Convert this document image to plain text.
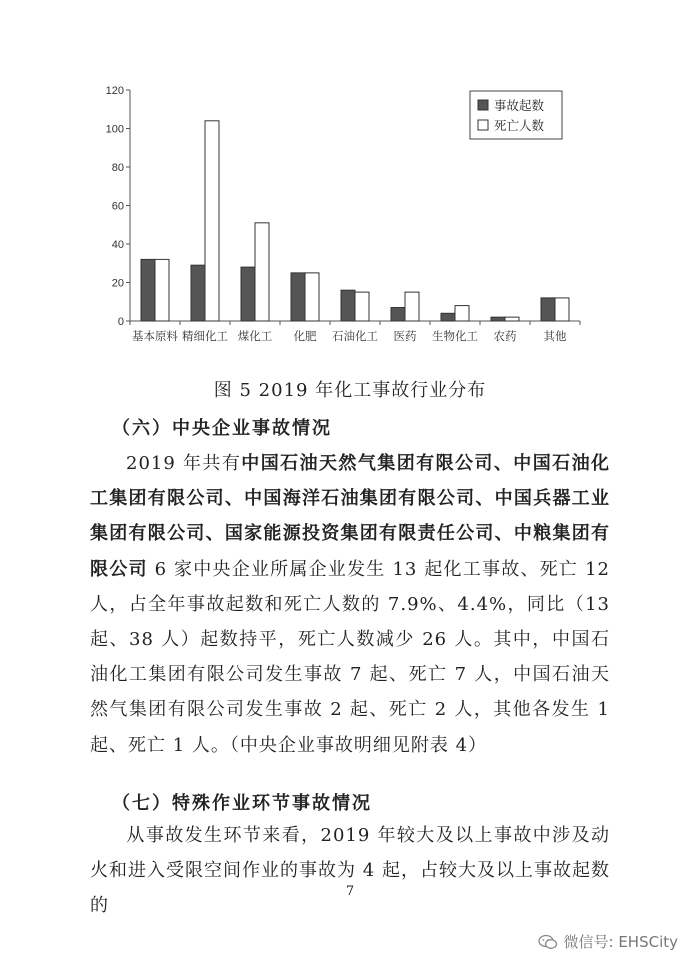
0
20
40
60
80
100
120
基本原料 精细化工 煤化工 化肥 石油化工 医药 生物化工 农药 其他
事故起数
死亡人数
图 5 2019 年化工事故行业分布
（六）中央企业事故情况
2019 年共有中国石油天然气集团有限公司、中国石油化工集团有限公司、中国海洋石油集团有限公司、中国兵器工业集团有限公司、国家能源投资集团有限责任公司、中粮集团有限公司 6 家中央企业所属企业发生 13 起化工事故、死亡 12 人，占全年事故起数和死亡人数的 7.9%、4.4%，同比（13 起、38 人）起数持平，死亡人数减少 26 人。其中，中国石油化工集团有限公司发生事故 7 起、死亡 7 人，中国石油天然气集团有限公司发生事故 2 起、死亡 2 人，其他各发生 1 起、死亡 1 人。（中央企业事故明细见附表 4）
（七）特殊作业环节事故情况
从事故发生环节来看，2019 年较大及以上事故中涉及动火和进入受限空间作业的事故为 4 起，占较大及以上事故起数的
7
微信号: EHSCity
